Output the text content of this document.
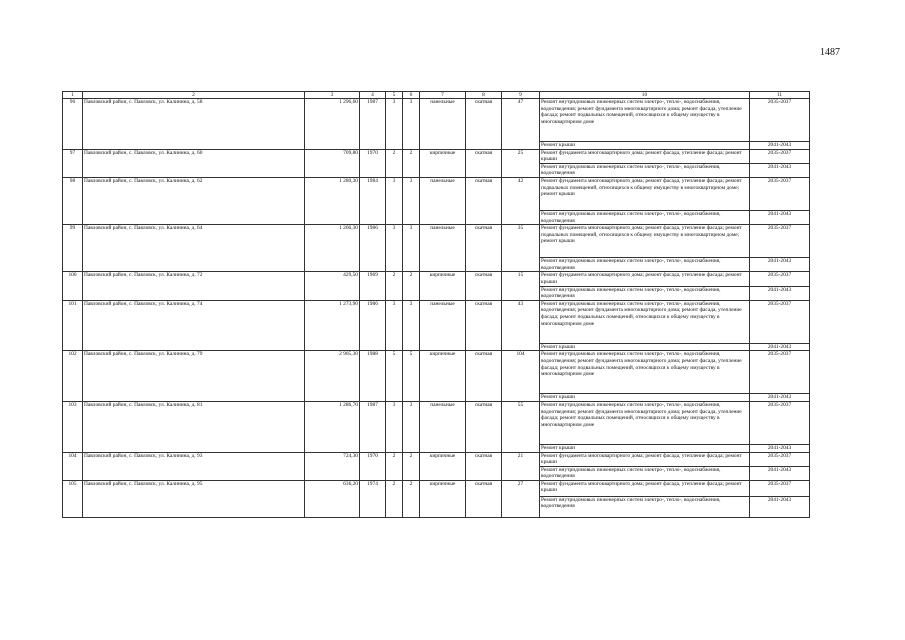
1487
1	2	3	4	5	6	7	8	9	10	11
96	Павловский район, с. Павловск, ул. Калинина, д. 58	1 296,60	1987	3	3	панельные	скатная	47	Ремонт внутридомовых инженерных систем электро-, тепло-, водоснабжения, водоотведения; ремонт фундамента многоквартирного дома; ремонт фасада, утепление фасада; ремонт подвальных помещений, относящихся к общему имуществу в многоквартирном доме	2035-2037
									Ремонт крыши	2041-2043
97	Павловский район, с. Павловск, ул. Калинина, д. 60	709,80	1970	2	2	кирпичные	скатная	25	Ремонт фундамента многоквартирного дома; ремонт фасада, утепление фасада; ремонт крыши	2035-2037
									Ремонт внутридомовых инженерных систем электро-, тепло-, водоснабжения, водоотведения	2041-2043
98	Павловский район, с. Павловск, ул. Калинина, д. 62	1 280,30	1984	3	3	панельные	скатная	42	Ремонт фундамента многоквартирного дома; ремонт фасада, утепление фасада; ремонт подвальных помещений, относящихся к общему имуществу в многоквартирном доме; ремонт крыши	2035-2037
									Ремонт внутридомовых инженерных систем электро-, тепло-, водоснабжения, водоотведения	2041-2043
99	Павловский район, с. Павловск, ул. Калинина, д. 64	1 266,30	1986	3	3	панельные	скатная	35	Ремонт фундамента многоквартирного дома; ремонт фасада, утепление фасада; ремонт подвальных помещений, относящихся к общему имуществу в многоквартирном доме; ремонт крыши	2035-2037
									Ремонт внутридомовых инженерных систем электро-, тепло-, водоснабжения, водоотведения	2041-2043
100	Павловский район, с. Павловск, ул. Калинина, д. 72	429,50	1969	2	2	кирпичные	скатная	15	Ремонт фундамента многоквартирного дома; ремонт фасада, утепление фасада; ремонт крыши	2035-2037
									Ремонт внутридомовых инженерных систем электро-, тепло-, водоснабжения, водоотведения	2041-2043
101	Павловский район, с. Павловск, ул. Калинина, д. 74	1 273,90	1986	3	3	панельные	скатная	43	Ремонт внутридомовых инженерных систем электро-, тепло-, водоснабжения, водоотведения; ремонт фундамента многоквартирного дома; ремонт фасада, утепление фасада; ремонт подвальных помещений, относящихся к общему имуществу в многоквартирном доме	2035-2037
									Ремонт крыши	2041-2043
102	Павловский район, с. Павловск, ул. Калинина, д. 79	2 905,30	1988	5	5	кирпичные	скатная	104	Ремонт внутридомовых инженерных систем электро-, тепло-, водоснабжения, водоотведения; ремонт фундамента многоквартирного дома; ремонт фасада, утепление фасада; ремонт подвальных помещений, относящихся к общему имуществу в многоквартирном доме	2035-2037
									Ремонт крыши	2041-2043
103	Павловский район, с. Павловск, ул. Калинина, д. 81	1 286,70	1987	3	3	панельные	скатная	55	Ремонт внутридомовых инженерных систем электро-, тепло-, водоснабжения, водоотведения; ремонт фундамента многоквартирного дома; ремонт фасада, утепление фасада; ремонт подвальных помещений, относящихся к общему имуществу в многоквартирном доме	2035-2037
									Ремонт крыши	2041-2043
104	Павловский район, с. Павловск, ул. Калинина, д. 93	724,30	1970	2	2	кирпичные	скатная	21	Ремонт фундамента многоквартирного дома; ремонт фасада, утепление фасада; ремонт крыши	2035-2037
									Ремонт внутридомовых инженерных систем электро-, тепло-, водоснабжения, водоотведения	2041-2043
105	Павловский район, с. Павловск, ул. Калинина, д. 95	636,20	1974	2	2	кирпичные	скатная	27	Ремонт фундамента многоквартирного дома; ремонт фасада, утепление фасада; ремонт крыши	2035-2037
									Ремонт внутридомовых инженерных систем электро-, тепло-, водоснабжения, водоотведения	2041-2043
